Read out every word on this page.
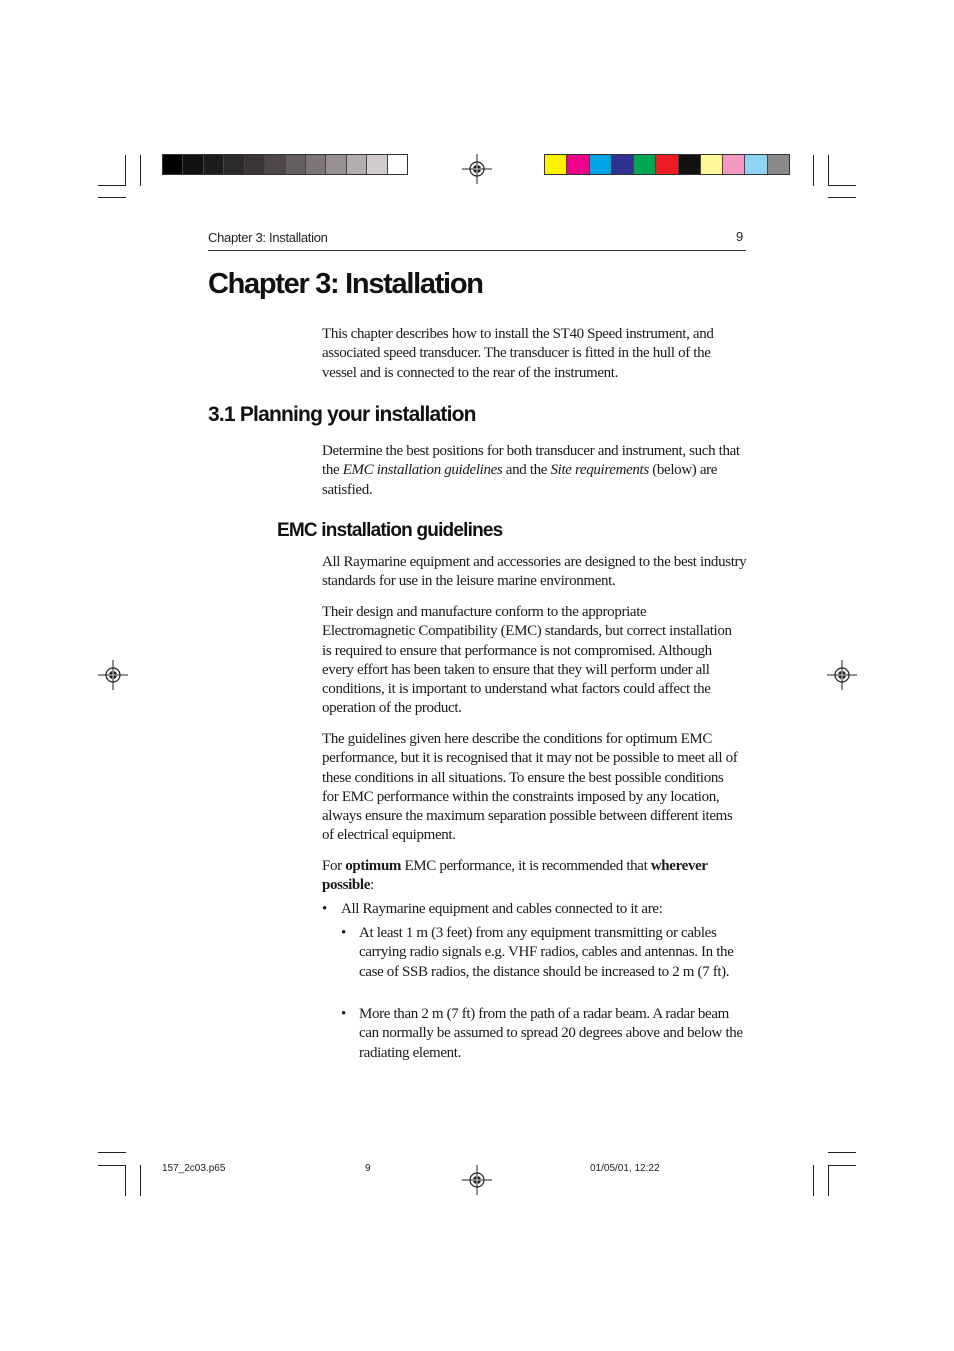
Chapter 3: Installation	9
Chapter 3: Installation

This chapter describes how to install the ST40 Speed instrument, and associated speed transducer. The transducer is fitted in the hull of the vessel and is connected to the rear of the instrument.

3.1 Planning your installation

Determine the best positions for both transducer and instrument, such that the EMC installation guidelines and the Site requirements (below) are satisfied.

EMC installation guidelines

All Raymarine equipment and accessories are designed to the best industry standards for use in the leisure marine environment.

Their design and manufacture conform to the appropriate Electromagnetic Compatibility (EMC) standards, but correct installation is required to ensure that performance is not compromised. Although every effort has been taken to ensure that they will perform under all conditions, it is important to understand what factors could affect the operation of the product.

The guidelines given here describe the conditions for optimum EMC performance, but it is recognised that it may not be possible to meet all of these conditions in all situations. To ensure the best possible conditions for EMC performance within the constraints imposed by any location, always ensure the maximum separation possible between different items of electrical equipment.

For optimum EMC performance, it is recommended that wherever possible:

• All Raymarine equipment and cables connected to it are:

• At least 1 m (3 feet) from any equipment transmitting or cables carrying radio signals e.g. VHF radios, cables and antennas. In the case of SSB radios, the distance should be increased to 2 m (7 ft).

• More than 2 m (7 ft) from the path of a radar beam. A radar beam can normally be assumed to spread 20 degrees above and below the radiating element.

157_2c03.p65	9	01/05/01, 12:22
